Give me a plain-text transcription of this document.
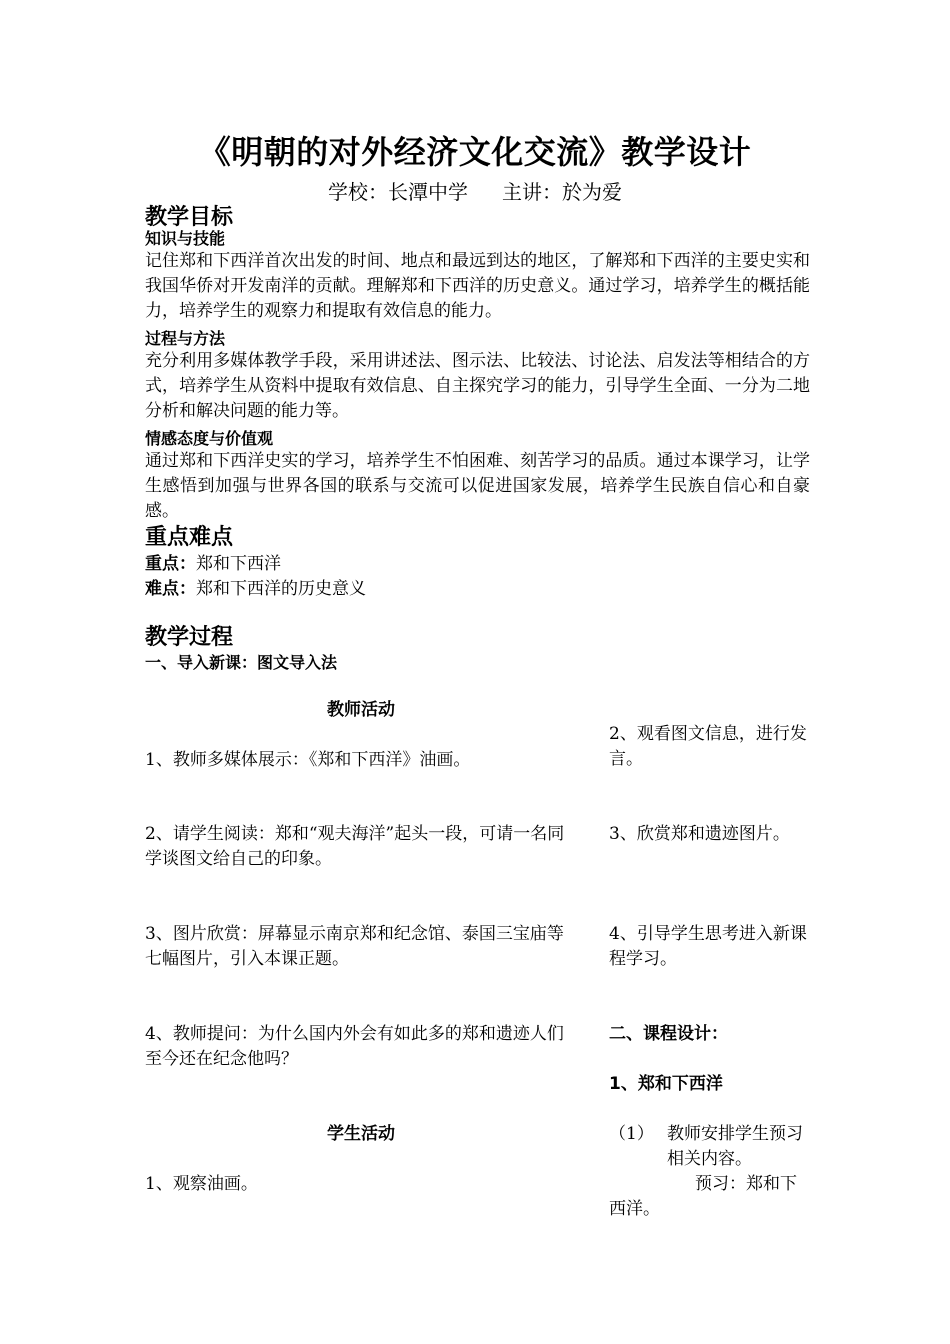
《明朝的对外经济文化交流》教学设计
学校：长潭中学 主讲：於为爱
教学目标
知识与技能
记住郑和下西洋首次出发的时间、地点和最远到达的地区，了解郑和下西洋的主要史实和我国华侨对开发南洋的贡献。理解郑和下西洋的历史意义。通过学习，培养学生的概括能力，培养学生的观察力和提取有效信息的能力。
过程与方法
充分利用多媒体教学手段，采用讲述法、图示法、比较法、讨论法、启发法等相结合的方式，培养学生从资料中提取有效信息、自主探究学习的能力，引导学生全面、一分为二地分析和解决问题的能力等。
情感态度与价值观
通过郑和下西洋史实的学习，培养学生不怕困难、刻苦学习的品质。通过本课学习，让学生感悟到加强与世界各国的联系与交流可以促进国家发展，培养学生民族自信心和自豪感。
重点难点
重点：郑和下西洋
难点：郑和下西洋的历史意义
教学过程
一、导入新课：图文导入法
教师活动
1、教师多媒体展示：《郑和下西洋》油画。
2、请学生阅读：郑和“观夫海洋”起头一段，可请一名同学谈图文给自己的印象。
3、图片欣赏：屏幕显示南京郑和纪念馆、泰国三宝庙等七幅图片，引入本课正题。
4、教师提问：为什么国内外会有如此多的郑和遗迹人们至今还在纪念他吗？
学生活动
1、观察油画。
2、观看图文信息，进行发言。
3、欣赏郑和遗迹图片。
4、引导学生思考进入新课程学习。
二、课程设计：
1、郑和下西洋
（1） 教师安排学生预习相关内容。
预习：郑和下西洋。
